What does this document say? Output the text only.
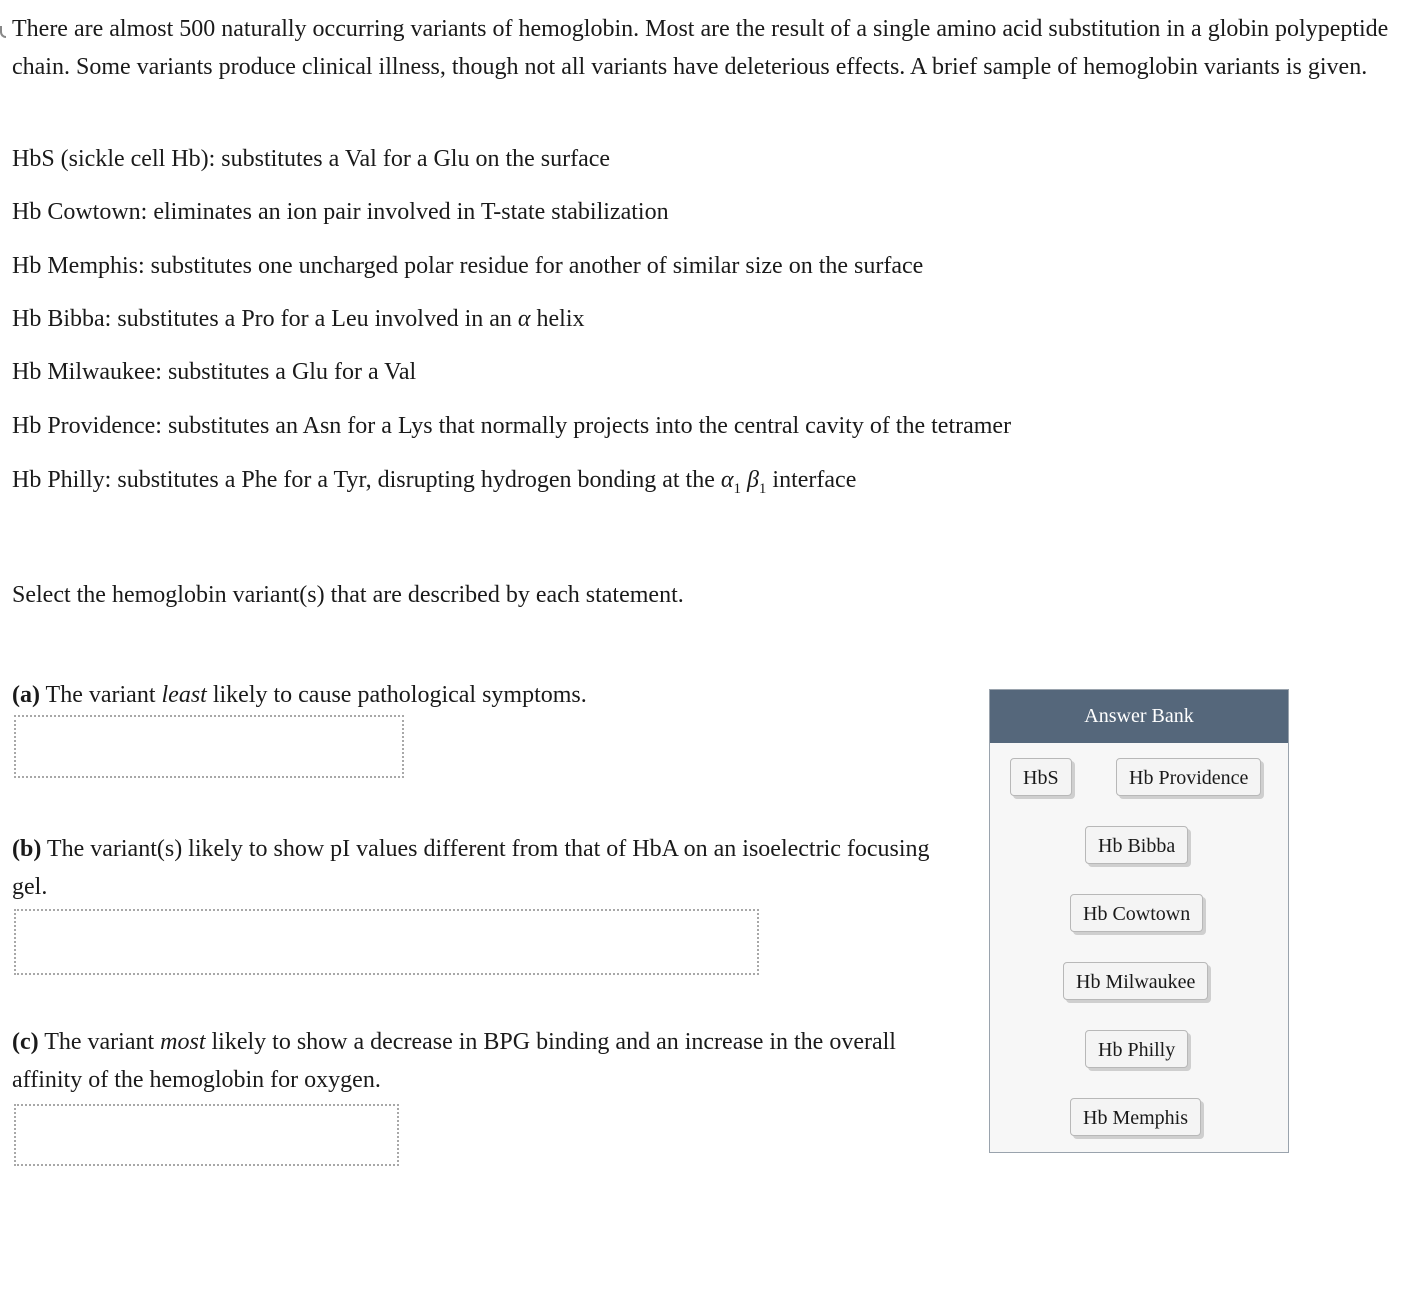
There are almost 500 naturally occurring variants of hemoglobin. Most are the result of a single amino acid substitution in a globin polypeptide chain. Some variants produce clinical illness, though not all variants have deleterious effects. A brief sample of hemoglobin variants is given.

HbS (sickle cell Hb): substitutes a Val for a Glu on the surface

Hb Cowtown: eliminates an ion pair involved in T-state stabilization

Hb Memphis: substitutes one uncharged polar residue for another of similar size on the surface

Hb Bibba: substitutes a Pro for a Leu involved in an α helix

Hb Milwaukee: substitutes a Glu for a Val

Hb Providence: substitutes an Asn for a Lys that normally projects into the central cavity of the tetramer

Hb Philly: substitutes a Phe for a Tyr, disrupting hydrogen bonding at the $\alpha_1$ $\beta_1$ interface

Select the hemoglobin variant(s) that are described by each statement.

(a) The variant least likely to cause pathological symptoms.

(b) The variant(s) likely to show pI values different from that of HbA on an isoelectric focusing gel.

(c) The variant most likely to show a decrease in BPG binding and an increase in the overall affinity of the hemoglobin for oxygen.

Answer Bank
HbS	Hb Providence
Hb Bibba
Hb Cowtown
Hb Milwaukee
Hb Philly
Hb Memphis
